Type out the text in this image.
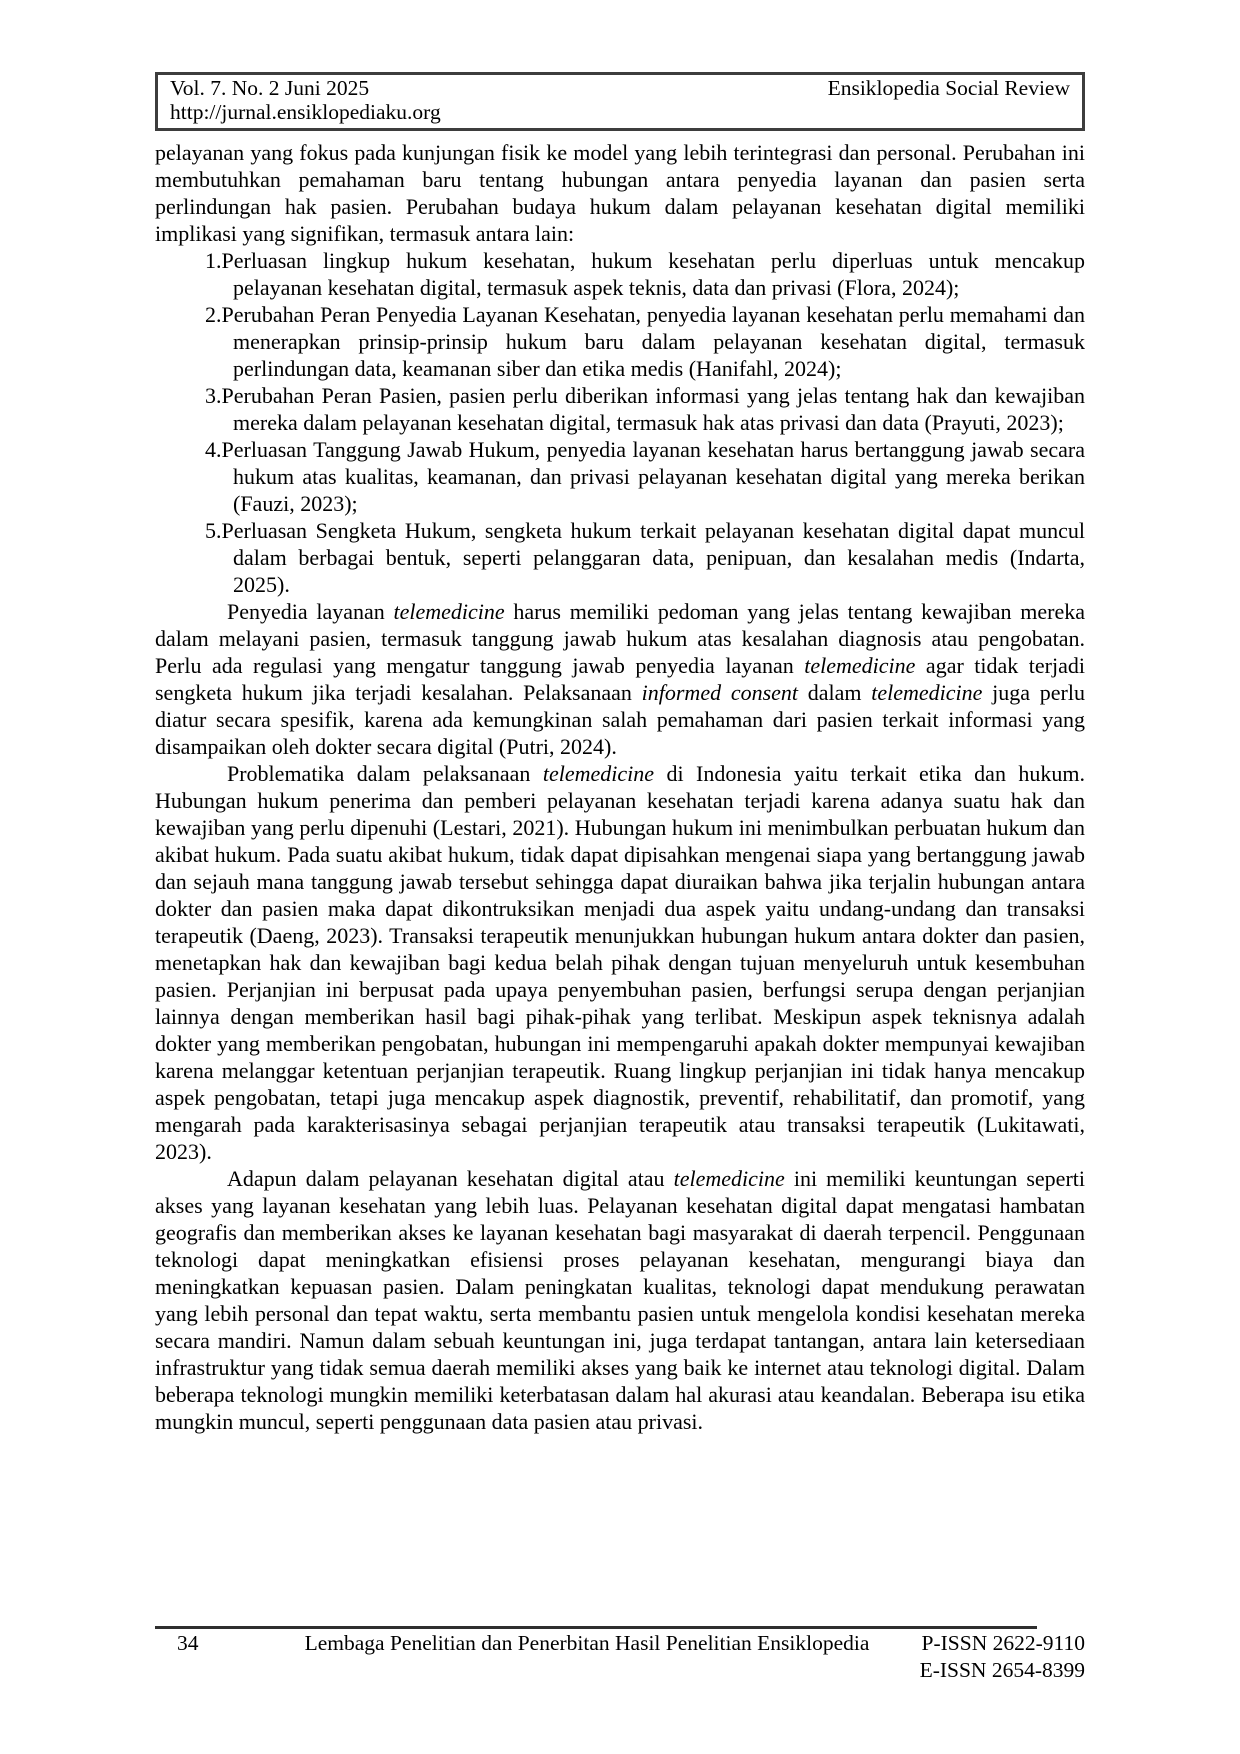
Vol. 7. No. 2 Juni 2025	Ensiklopedia Social Review
http://jurnal.ensiklopediaku.org

pelayanan yang fokus pada kunjungan fisik ke model yang lebih terintegrasi dan personal. Perubahan ini membutuhkan pemahaman baru tentang hubungan antara penyedia layanan dan pasien serta perlindungan hak pasien. Perubahan budaya hukum dalam pelayanan kesehatan digital memiliki implikasi yang signifikan, termasuk antara lain:

1.Perluasan lingkup hukum kesehatan, hukum kesehatan perlu diperluas untuk mencakup pelayanan kesehatan digital, termasuk aspek teknis, data dan privasi (Flora, 2024);
2.Perubahan Peran Penyedia Layanan Kesehatan, penyedia layanan kesehatan perlu memahami dan menerapkan prinsip-prinsip hukum baru dalam pelayanan kesehatan digital, termasuk perlindungan data, keamanan siber dan etika medis (Hanifahl, 2024);
3.Perubahan Peran Pasien, pasien perlu diberikan informasi yang jelas tentang hak dan kewajiban mereka dalam pelayanan kesehatan digital, termasuk hak atas privasi dan data (Prayuti, 2023);
4.Perluasan Tanggung Jawab Hukum, penyedia layanan kesehatan harus bertanggung jawab secara hukum atas kualitas, keamanan, dan privasi pelayanan kesehatan digital yang mereka berikan (Fauzi, 2023);
5.Perluasan Sengketa Hukum, sengketa hukum terkait pelayanan kesehatan digital dapat muncul dalam berbagai bentuk, seperti pelanggaran data, penipuan, dan kesalahan medis (Indarta, 2025).

Penyedia layanan telemedicine harus memiliki pedoman yang jelas tentang kewajiban mereka dalam melayani pasien, termasuk tanggung jawab hukum atas kesalahan diagnosis atau pengobatan. Perlu ada regulasi yang mengatur tanggung jawab penyedia layanan telemedicine agar tidak terjadi sengketa hukum jika terjadi kesalahan. Pelaksanaan informed consent dalam telemedicine juga perlu diatur secara spesifik, karena ada kemungkinan salah pemahaman dari pasien terkait informasi yang disampaikan oleh dokter secara digital (Putri, 2024).

Problematika dalam pelaksanaan telemedicine di Indonesia yaitu terkait etika dan hukum. Hubungan hukum penerima dan pemberi pelayanan kesehatan terjadi karena adanya suatu hak dan kewajiban yang perlu dipenuhi (Lestari, 2021). Hubungan hukum ini menimbulkan perbuatan hukum dan akibat hukum. Pada suatu akibat hukum, tidak dapat dipisahkan mengenai siapa yang bertanggung jawab dan sejauh mana tanggung jawab tersebut sehingga dapat diuraikan bahwa jika terjalin hubungan antara dokter dan pasien maka dapat dikontruksikan menjadi dua aspek yaitu undang-undang dan transaksi terapeutik (Daeng, 2023). Transaksi terapeutik menunjukkan hubungan hukum antara dokter dan pasien, menetapkan hak dan kewajiban bagi kedua belah pihak dengan tujuan menyeluruh untuk kesembuhan pasien. Perjanjian ini berpusat pada upaya penyembuhan pasien, berfungsi serupa dengan perjanjian lainnya dengan memberikan hasil bagi pihak-pihak yang terlibat. Meskipun aspek teknisnya adalah dokter yang memberikan pengobatan, hubungan ini mempengaruhi apakah dokter mempunyai kewajiban karena melanggar ketentuan perjanjian terapeutik. Ruang lingkup perjanjian ini tidak hanya mencakup aspek pengobatan, tetapi juga mencakup aspek diagnostik, preventif, rehabilitatif, dan promotif, yang mengarah pada karakterisasinya sebagai perjanjian terapeutik atau transaksi terapeutik (Lukitawati, 2023).

Adapun dalam pelayanan kesehatan digital atau telemedicine ini memiliki keuntungan seperti akses yang layanan kesehatan yang lebih luas. Pelayanan kesehatan digital dapat mengatasi hambatan geografis dan memberikan akses ke layanan kesehatan bagi masyarakat di daerah terpencil. Penggunaan teknologi dapat meningkatkan efisiensi proses pelayanan kesehatan, mengurangi biaya dan meningkatkan kepuasan pasien. Dalam peningkatan kualitas, teknologi dapat mendukung perawatan yang lebih personal dan tepat waktu, serta membantu pasien untuk mengelola kondisi kesehatan mereka secara mandiri. Namun dalam sebuah keuntungan ini, juga terdapat tantangan, antara lain ketersediaan infrastruktur yang tidak semua daerah memiliki akses yang baik ke internet atau teknologi digital. Dalam beberapa teknologi mungkin memiliki keterbatasan dalam hal akurasi atau keandalan. Beberapa isu etika mungkin muncul, seperti penggunaan data pasien atau privasi.

34	Lembaga Penelitian dan Penerbitan Hasil Penelitian Ensiklopedia	P-ISSN 2622-9110
E-ISSN 2654-8399
